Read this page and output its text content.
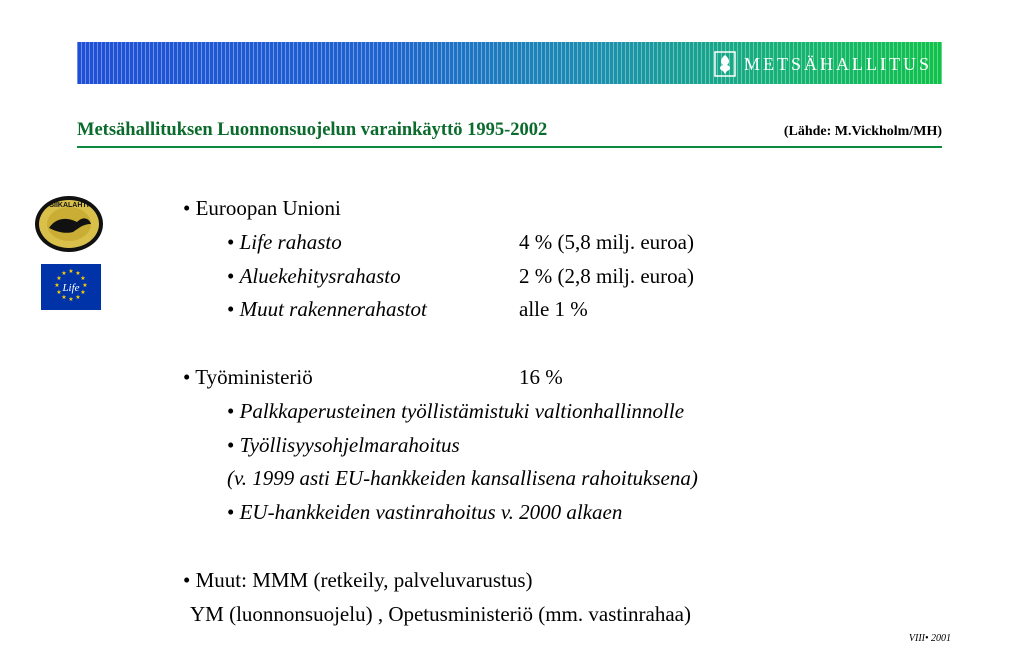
METSÄHALLITUS
Metsähallituksen Luonnonsuojelun varainkäyttö 1995-2002	(Lähde: M.Vickholm/MH)
SIIKALAHTI
★ ★
★
★
★
★
★
★
★
★
★
★
Life
• Euroopan Unioni
• Life rahasto	4 % (5,8 milj. euroa)
• Aluekehitysrahasto	2 % (2,8 milj. euroa)
• Muut rakennerahastot	alle 1 %
• Työministeriö	16 %
• Palkkaperusteinen työllistämistuki valtionhallinnolle
• Työllisyysohjelmarahoitus
(v. 1999 asti EU-hankkeiden kansallisena rahoituksena)
• EU-hankkeiden vastinrahoitus v. 2000 alkaen
• Muut: MMM (retkeily, palveluvarustus)
YM (luonnonsuojelu) , Opetusministeriö (mm. vastinrahaa)
VIII• 2001
